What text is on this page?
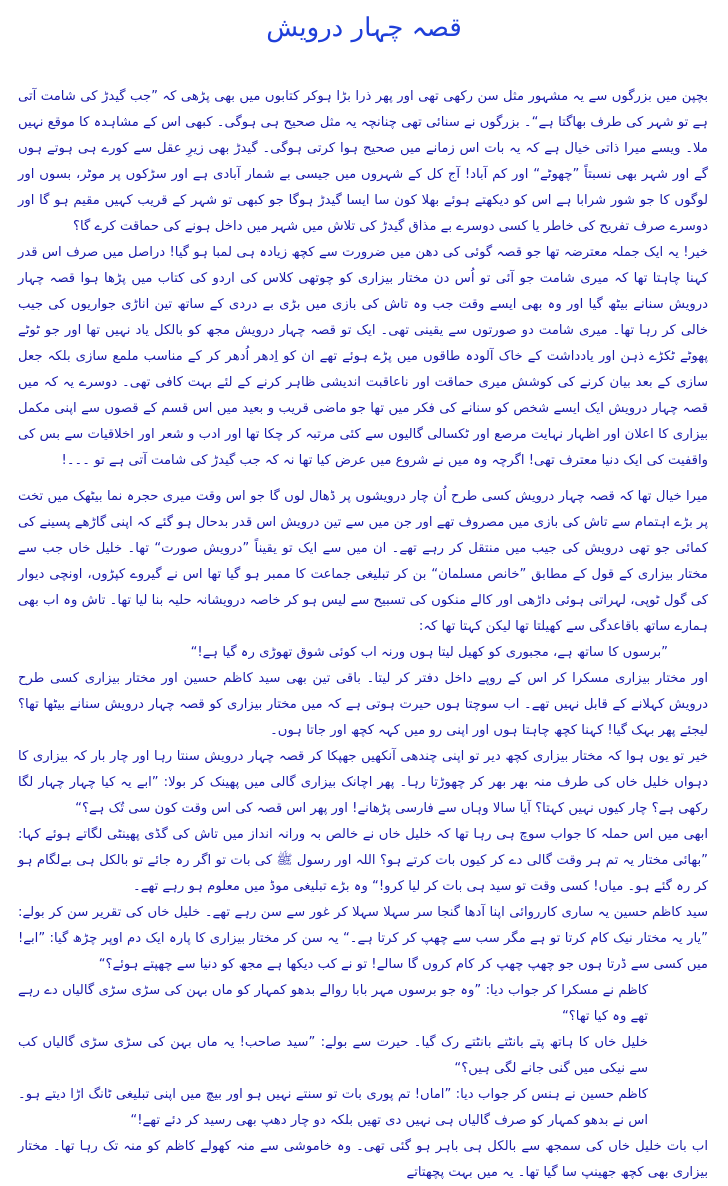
قصہ چہار درویش

بچپن میں بزرگوں سے یہ مشہور مثل سن رکھی تھی اور پھر ذرا بڑا ہوکر کتابوں میں بھی پڑھی کہ ”جب گیدڑ کی شامت آتی ہے تو شہر کی طرف بھاگتا ہے“۔ بزرگوں نے سنائی تھی چنانچہ یہ مثل صحیح ہی ہوگی۔ کبھی اس کے مشاہدہ کا موقع نہیں ملا۔ ویسے میرا ذاتی خیال ہے کہ یہ بات اس زمانے میں صحیح ہوا کرتی ہوگی۔ گیدڑ بھی زیرِ عقل سے کورے ہی ہوتے ہوں گے اور شہر بھی نسبتاً ”چھوٹے“ اور کم آباد! آج کل کے شہروں میں جیسی بے شمار آبادی ہے اور سڑکوں پر موٹر، بسوں اور لوگوں کا جو شور شرابا ہے اس کو دیکھتے ہوئے بھلا کون سا ایسا گیدڑ ہوگا جو کبھی تو شہر کے قریب کہیں مقیم ہو گا اور دوسرے صرف تفریح کی خاطر یا کسی دوسرے بے مذاق گیدڑ کی تلاش میں شہر میں داخل ہونے کی حماقت کرے گا؟

خیر! یہ ایک جملہ معترضہ تھا جو قصہ گوئی کی دھن میں ضرورت سے کچھ زیادہ ہی لمبا ہو گیا! دراصل میں صرف اس قدر کہنا چاہتا تھا کہ میری شامت جو آئی تو اُس دن مختار بیزاری کو چوتھی کلاس کی اردو کی کتاب میں پڑھا ہوا قصہ چہار درویش سنانے بیٹھ گیا اور وہ بھی ایسے وقت جب وہ تاش کی بازی میں بڑی بے دردی کے ساتھ تین اناڑی جواریوں کی جیب خالی کر رہا تھا۔ میری شامت دو صورتوں سے یقینی تھی۔ ایک تو قصہ چہار درویش مجھ کو بالکل یاد نہیں تھا اور جو ٹوٹے پھوٹے ٹکڑے ذہن اور یادداشت کے خاک آلودہ طاقوں میں پڑے ہوئے تھے ان کو اِدھر اُدھر کر کے مناسب ملمع سازی بلکہ جعل سازی کے بعد بیان کرنے کی کوشش میری حماقت اور ناعاقبت اندیشی ظاہر کرنے کے لئے بہت کافی تھی۔ دوسرے یہ کہ میں قصہ چہار درویش ایک ایسے شخص کو سنانے کی فکر میں تھا جو ماضی قریب و بعید میں اس قسم کے قصوں سے اپنی مکمل بیزاری کا اعلان اور اظہار نہایت مرصع اور ٹکسالی گالیوں سے کئی مرتبہ کر چکا تھا اور ادب و شعر اور اخلاقیات سے بس کی واقفیت کی ایک دنیا معترف تھی! اگرچہ وہ میں نے شروع میں عرض کیا تھا نہ کہ جب گیدڑ کی شامت آتی ہے تو ۔۔۔!

میرا خیال تھا کہ قصہ چہار درویش کسی طرح اُن چار درویشوں پر ڈھال لوں گا جو اس وقت میری حجرہ نما بیٹھک میں تخت پر بڑے اہتمام سے تاش کی بازی میں مصروف تھے اور جن میں سے تین درویش اس قدر بدحال ہو گئے کہ اپنی گاڑھے پسینے کی کمائی جو تھی درویش کی جیب میں منتقل کر رہے تھے۔ ان میں سے ایک تو یقیناً ”درویش صورت“ تھا۔ خلیل خاں جب سے مختار بیزاری کے قول کے مطابق ”خانص مسلمان“ بن کر تبلیغی جماعت کا ممبر ہو گیا تھا اس نے گیروے کپڑوں، اونچی دیوار کی گول ٹوپی، لہراتی ہوئی داڑھی اور کالے منکوں کی تسبیح سے لیس ہو کر خاصہ درویشانہ حلیہ بنا لیا تھا۔ تاش وہ اب بھی ہمارے ساتھ باقاعدگی سے کھیلتا تھا لیکن کہتا تھا کہ:

”برسوں کا ساتھ ہے، مجبوری کو کھیل لیتا ہوں ورنہ اب کوئی شوق تھوڑی رہ گیا ہے!“

اور مختار بیزاری مسکرا کر اس کے روپے داخل دفتر کر لیتا۔ باقی تین بھی سید کاظم حسین اور مختار بیزاری کسی طرح درویش کہلانے کے قابل نہیں تھے۔ اب سوچتا ہوں حیرت ہوتی ہے کہ میں مختار بیزاری کو قصہ چہار درویش سنانے بیٹھا تھا؟ لیجئے پھر بہک گیا! کہنا کچھ چاہتا ہوں اور اپنی رو میں کہہ کچھ اور جاتا ہوں۔

خیر تو یوں ہوا کہ مختار بیزاری کچھ دیر تو اپنی چندھی آنکھیں جھپکا کر قصہ چہار درویش سنتا رہا اور چار بار کہ بیزاری کا دہواں خلیل خاں کی طرف منہ بھر بھر کر چھوڑتا رہا۔ پھر اچانک بیزاری گالی میں پھینک کر بولا: ”ابے یہ کیا چہار چہار لگا رکھی ہے؟ چار کیوں نہیں کہتا؟ آیا سالا وہاں سے فارسی پڑھانے! اور پھر اس قصہ کی اس وقت کون سی تُک ہے؟“

ابھی میں اس حملہ کا جواب سوچ ہی رہا تھا کہ خلیل خاں نے خالص بہ ورانہ انداز میں تاش کی گڈی پھینٹی لگاتے ہوئے کہا: ”بھائی مختار یہ تم ہر وقت گالی دے کر کیوں بات کرتے ہو؟ اللہ اور رسول ﷺ کی بات تو اگر رہ جائے تو بالکل ہی بےلگام ہو کر رہ گئے ہو۔ میاں! کسی وقت تو سید ہی بات کر لیا کرو!“ وہ بڑے تبلیغی موڈ میں معلوم ہو رہے تھے۔

سید کاظم حسین یہ ساری کارروائی اپنا آدھا گنجا سر سہلا سہلا کر غور سے سن رہے تھے۔ خلیل خاں کی تقریر سن کر بولے: ”یار یہ مختار نیک کام کرتا تو ہے مگر سب سے چھپ کر کرتا ہے۔“ یہ سن کر مختار بیزاری کا پارہ ایک دم اوپر چڑھ گیا: ”ابے! میں کسی سے ڈرتا ہوں جو چھپ چھپ کر کام کروں گا سالے! تو نے کب دیکھا ہے مجھ کو دنیا سے چھپتے ہوئے؟“

کاظم نے مسکرا کر جواب دیا: ”وہ جو برسوں مہر بابا روالے بدھو کمہار کو ماں بہن کی سڑی سڑی گالیاں دے رہے تھے وہ کیا تھا؟“

خلیل خاں کا ہاتھ پتے بانٹتے بانٹتے رک گیا۔ حیرت سے بولے: ”سید صاحب! یہ ماں بہن کی سڑی سڑی گالیاں کب سے نیکی میں گنی جانے لگی ہیں؟“

کاظم حسین نے ہنس کر جواب دیا: ”اماں! تم پوری بات تو سنتے نہیں ہو اور بیچ میں اپنی تبلیغی ٹانگ اڑا دیتے ہو۔ اس نے بدھو کمہار کو صرف گالیاں ہی نہیں دی تھیں بلکہ دو چار دھپ بھی رسید کر دئے تھے!“

اب بات خلیل خاں کی سمجھ سے بالکل ہی باہر ہو گئی تھی۔ وہ خاموشی سے منہ کھولے کاظم کو منہ تک رہا تھا۔ مختار بیزاری بھی کچھ جھینپ سا گیا تھا۔ یہ میں بہت پچھتاتے
